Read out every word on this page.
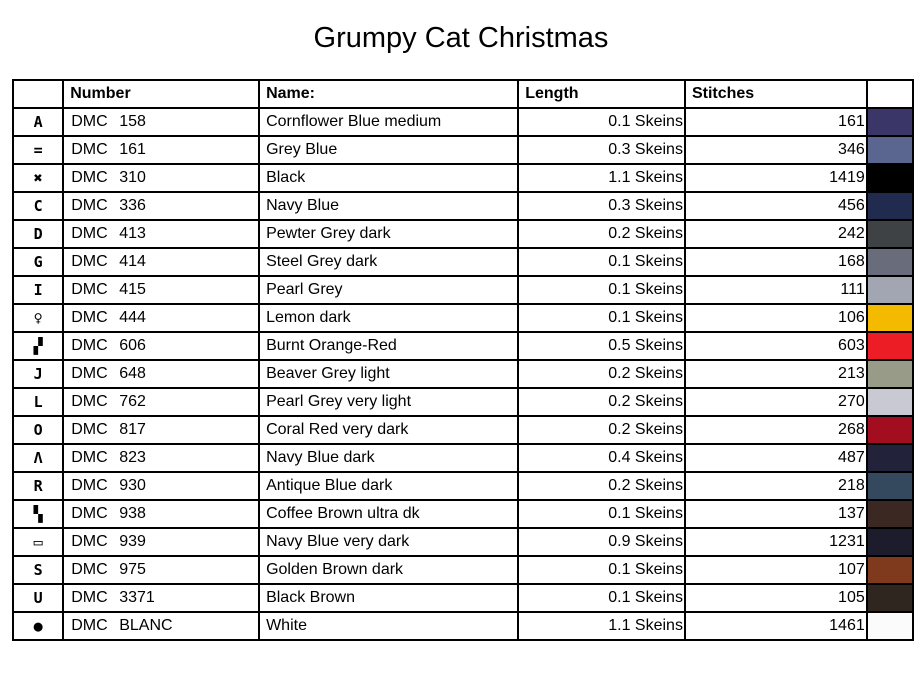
Grumpy Cat Christmas
	Number	Name:	Length	Stitches	
A	DMC 158	Cornflower Blue medium	0.1 Skeins	161	

=	DMC 161	Grey Blue	0.3 Skeins	346	

✖	DMC 310	Black	1.1 Skeins	1419	

C	DMC 336	Navy Blue	0.3 Skeins	456	

D	DMC 413	Pewter Grey dark	0.2 Skeins	242	

G	DMC 414	Steel Grey dark	0.1 Skeins	168	

I	DMC 415	Pearl Grey	0.1 Skeins	111	

♀	DMC 444	Lemon dark	0.1 Skeins	106	

▞	DMC 606	Burnt Orange-Red	0.5 Skeins	603	

J	DMC 648	Beaver Grey light	0.2 Skeins	213	

L	DMC 762	Pearl Grey very light	0.2 Skeins	270	

O	DMC 817	Coral Red very dark	0.2 Skeins	268	

Λ	DMC 823	Navy Blue dark	0.4 Skeins	487	

R	DMC 930	Antique Blue dark	0.2 Skeins	218	

▚	DMC 938	Coffee Brown ultra dk	0.1 Skeins	137	

▭	DMC 939	Navy Blue very dark	0.9 Skeins	1231	

S	DMC 975	Golden Brown dark	0.1 Skeins	107	

U	DMC 3371	Black Brown	0.1 Skeins	105	

●	DMC BLANC	White	1.1 Skeins	1461	
